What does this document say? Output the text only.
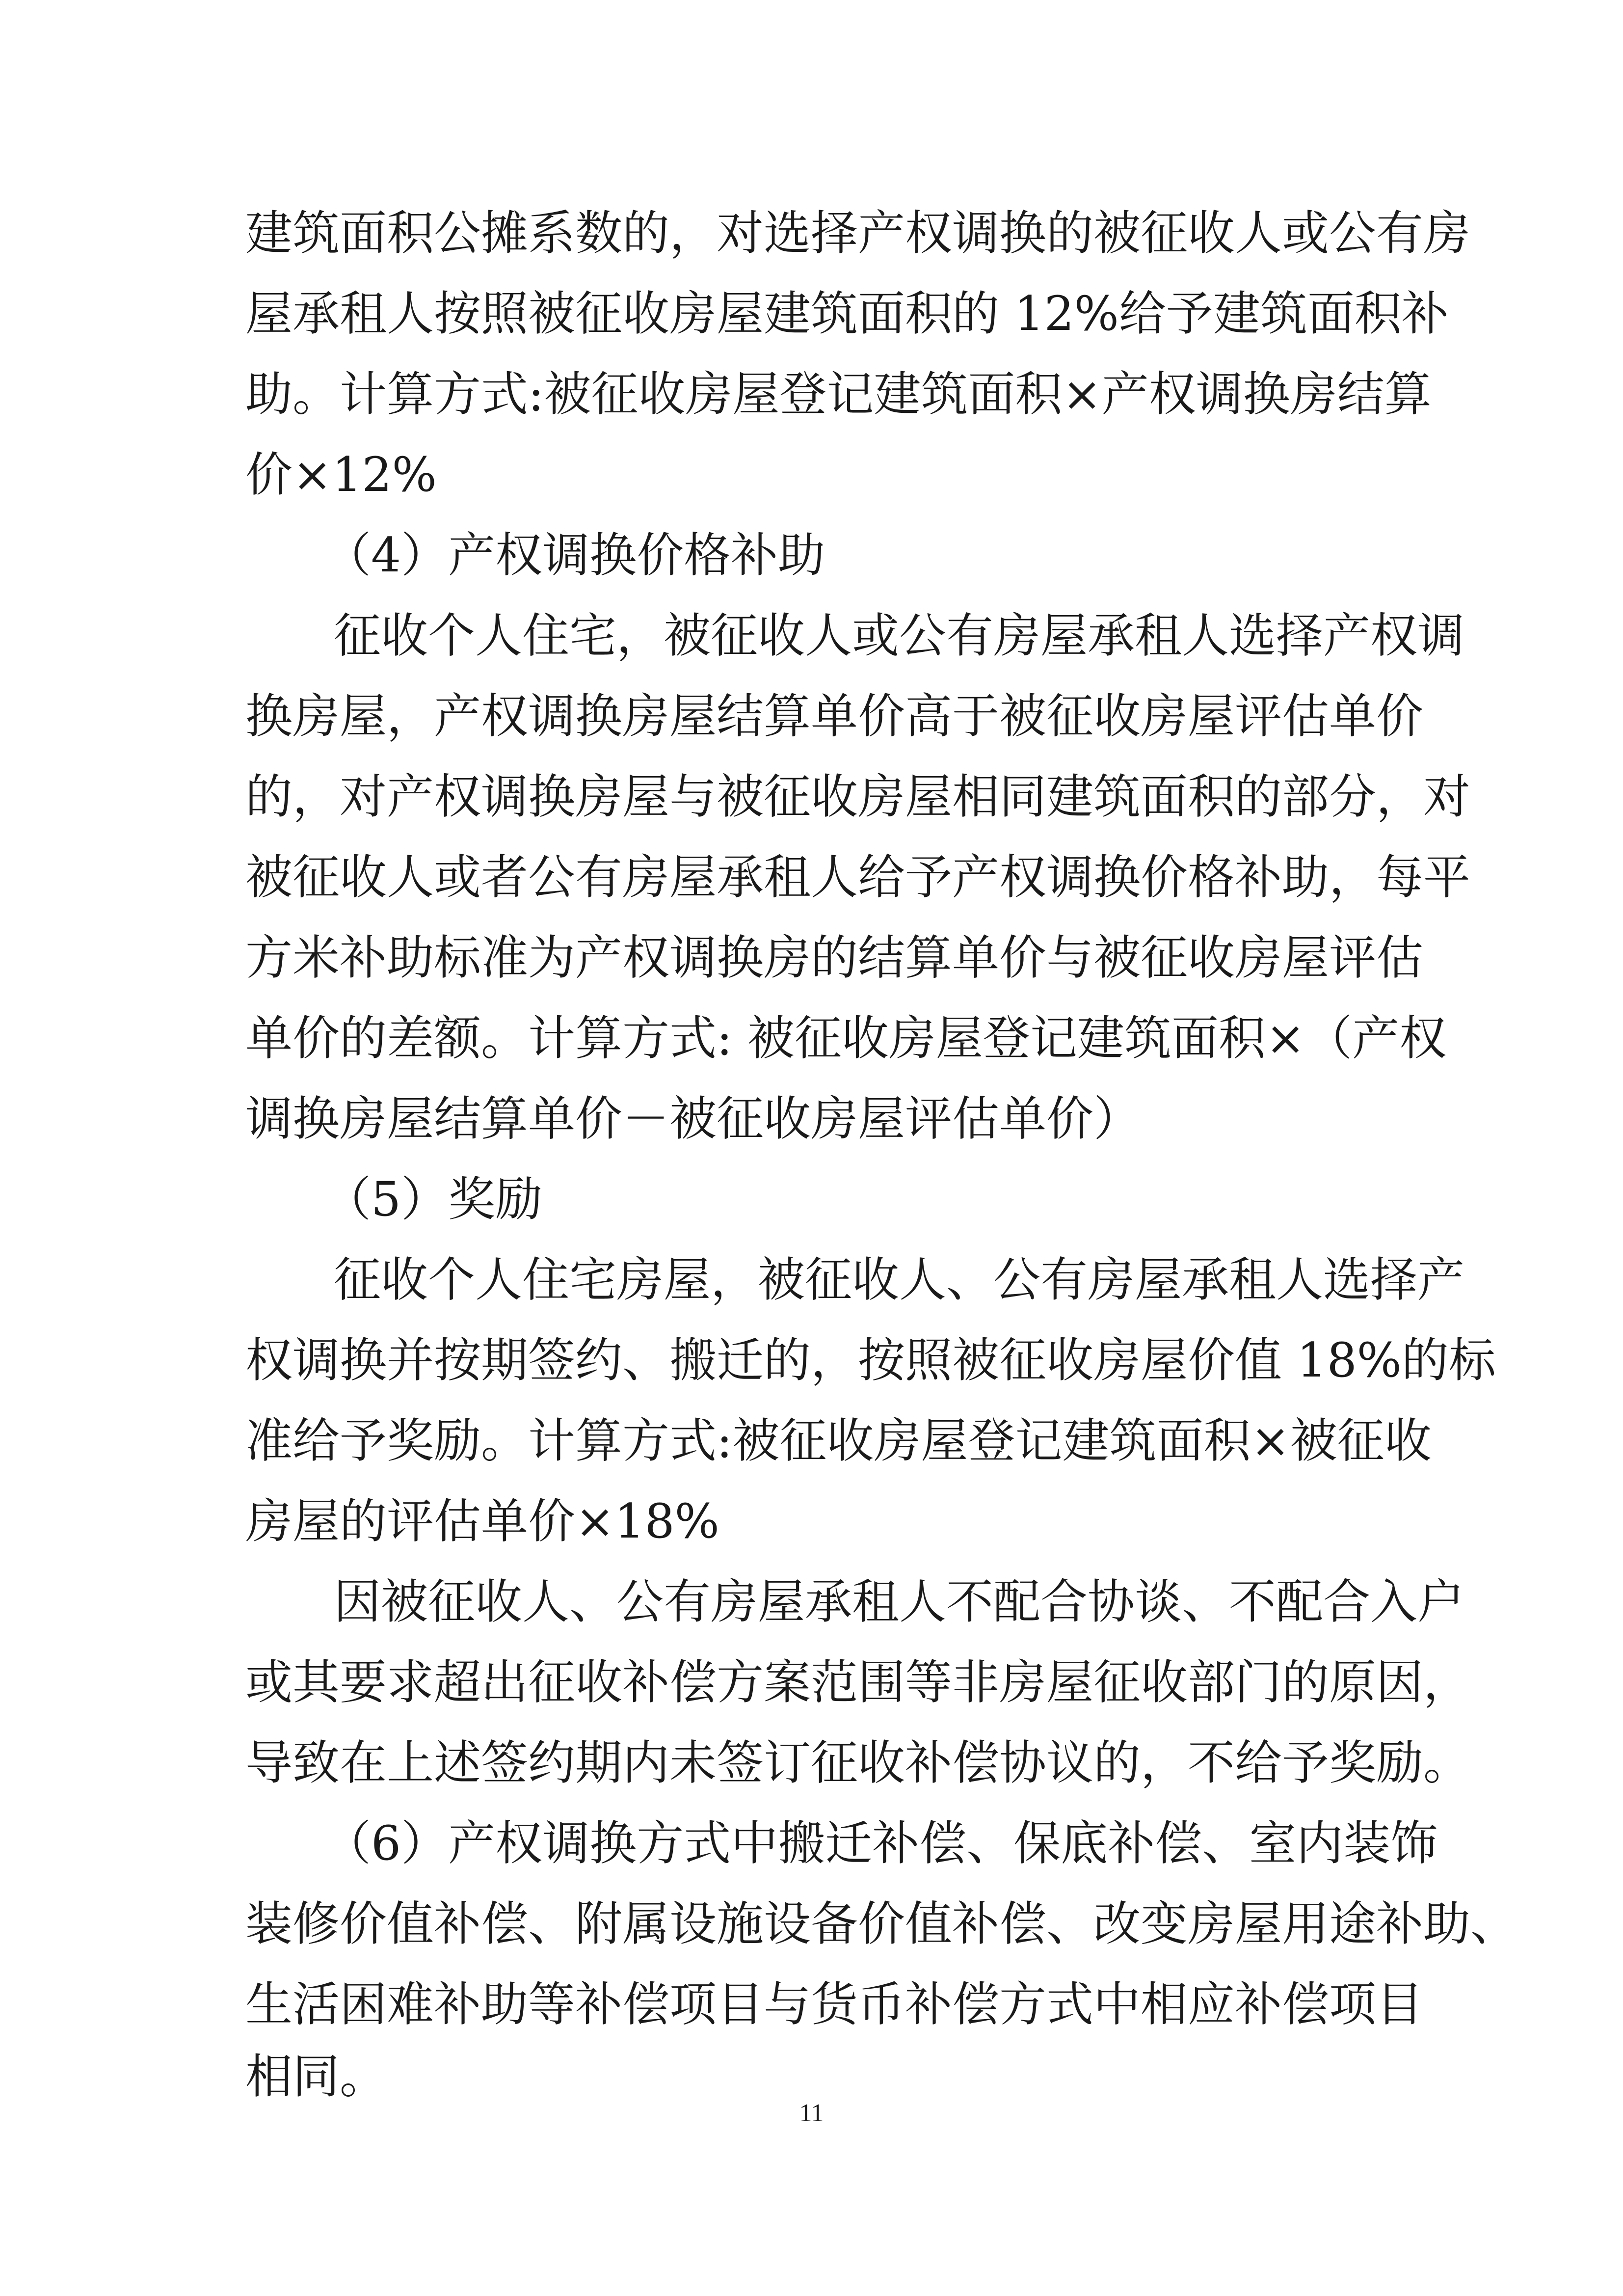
建筑面积公摊系数的，对选择产权调换的被征收人或公有房
屋承租人按照被征收房屋建筑面积的 12%给予建筑面积补
助。计算方式:被征收房屋登记建筑面积×产权调换房结算
价×12%
（4）产权调换价格补助
征收个人住宅，被征收人或公有房屋承租人选择产权调
换房屋，产权调换房屋结算单价高于被征收房屋评估单价
的，对产权调换房屋与被征收房屋相同建筑面积的部分，对
被征收人或者公有房屋承租人给予产权调换价格补助，每平
方米补助标准为产权调换房的结算单价与被征收房屋评估
单价的差额。计算方式: 被征收房屋登记建筑面积×（产权
调换房屋结算单价－被征收房屋评估单价）
（5）奖励
征收个人住宅房屋，被征收人、公有房屋承租人选择产
权调换并按期签约、搬迁的，按照被征收房屋价值 18%的标
准给予奖励。计算方式:被征收房屋登记建筑面积×被征收
房屋的评估单价×18%
因被征收人、公有房屋承租人不配合协谈、不配合入户
或其要求超出征收补偿方案范围等非房屋征收部门的原因，
导致在上述签约期内未签订征收补偿协议的，不给予奖励。
（6）产权调换方式中搬迁补偿、保底补偿、室内装饰
装修价值补偿、附属设施设备价值补偿、改变房屋用途补助、
生活困难补助等补偿项目与货币补偿方式中相应补偿项目
相同。
11
